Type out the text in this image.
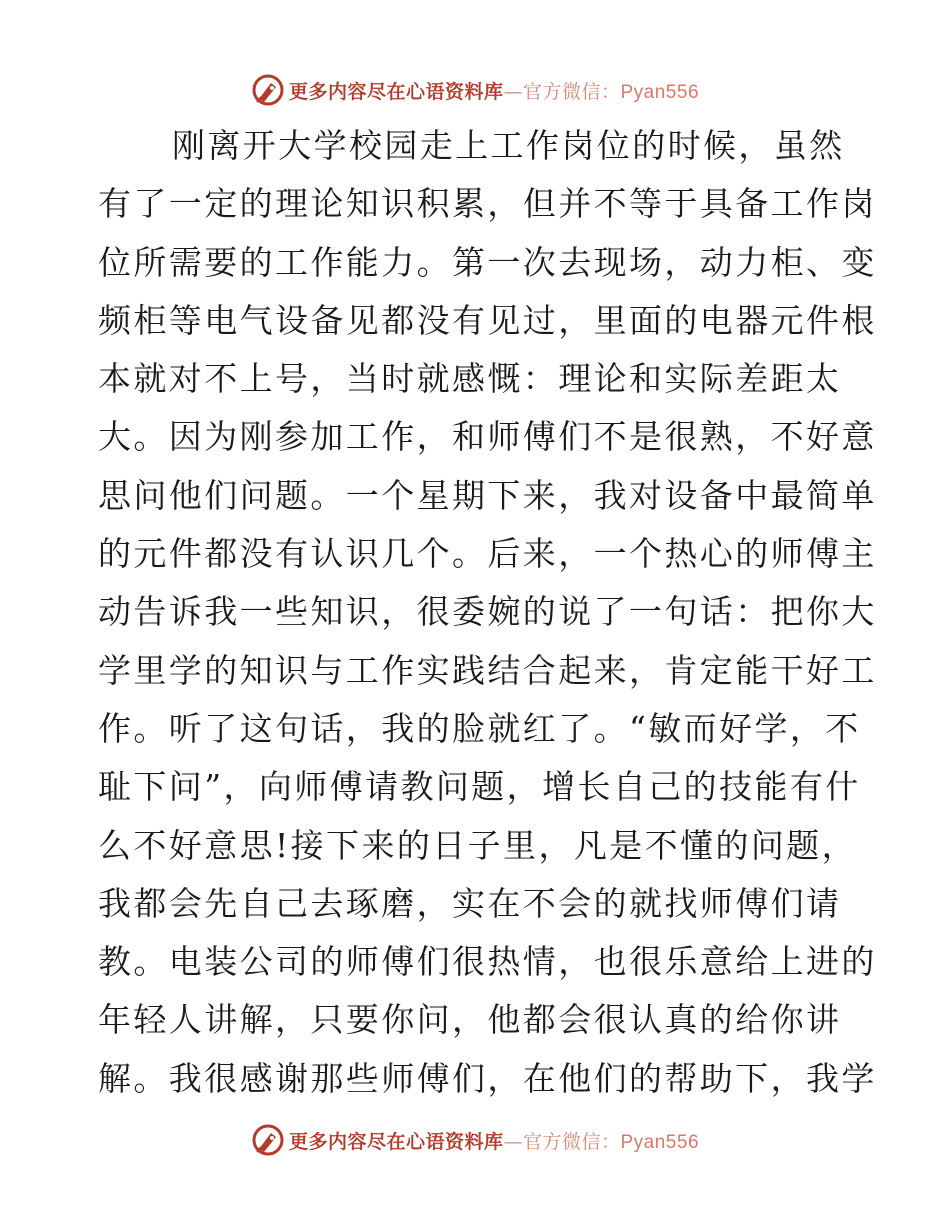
更多内容尽在心语资料库—官方微信：Pyan556
刚离开大学校园走上工作岗位的时候，虽然
有了一定的理论知识积累，但并不等于具备工作岗
位所需要的工作能力。第一次去现场，动力柜、变
频柜等电气设备见都没有见过，里面的电器元件根
本就对不上号，当时就感慨：理论和实际差距太
大。因为刚参加工作，和师傅们不是很熟，不好意
思问他们问题。一个星期下来，我对设备中最简单
的元件都没有认识几个。后来，一个热心的师傅主
动告诉我一些知识，很委婉的说了一句话：把你大
学里学的知识与工作实践结合起来，肯定能干好工
作。听了这句话，我的脸就红了。“敏而好学，不
耻下问”，向师傅请教问题，增长自己的技能有什
么不好意思!接下来的日子里，凡是不懂的问题，
我都会先自己去琢磨，实在不会的就找师傅们请
教。电装公司的师傅们很热情，也很乐意给上进的
年轻人讲解，只要你问，他都会很认真的给你讲
解。我很感谢那些师傅们，在他们的帮助下，我学
更多内容尽在心语资料库—官方微信：Pyan556
